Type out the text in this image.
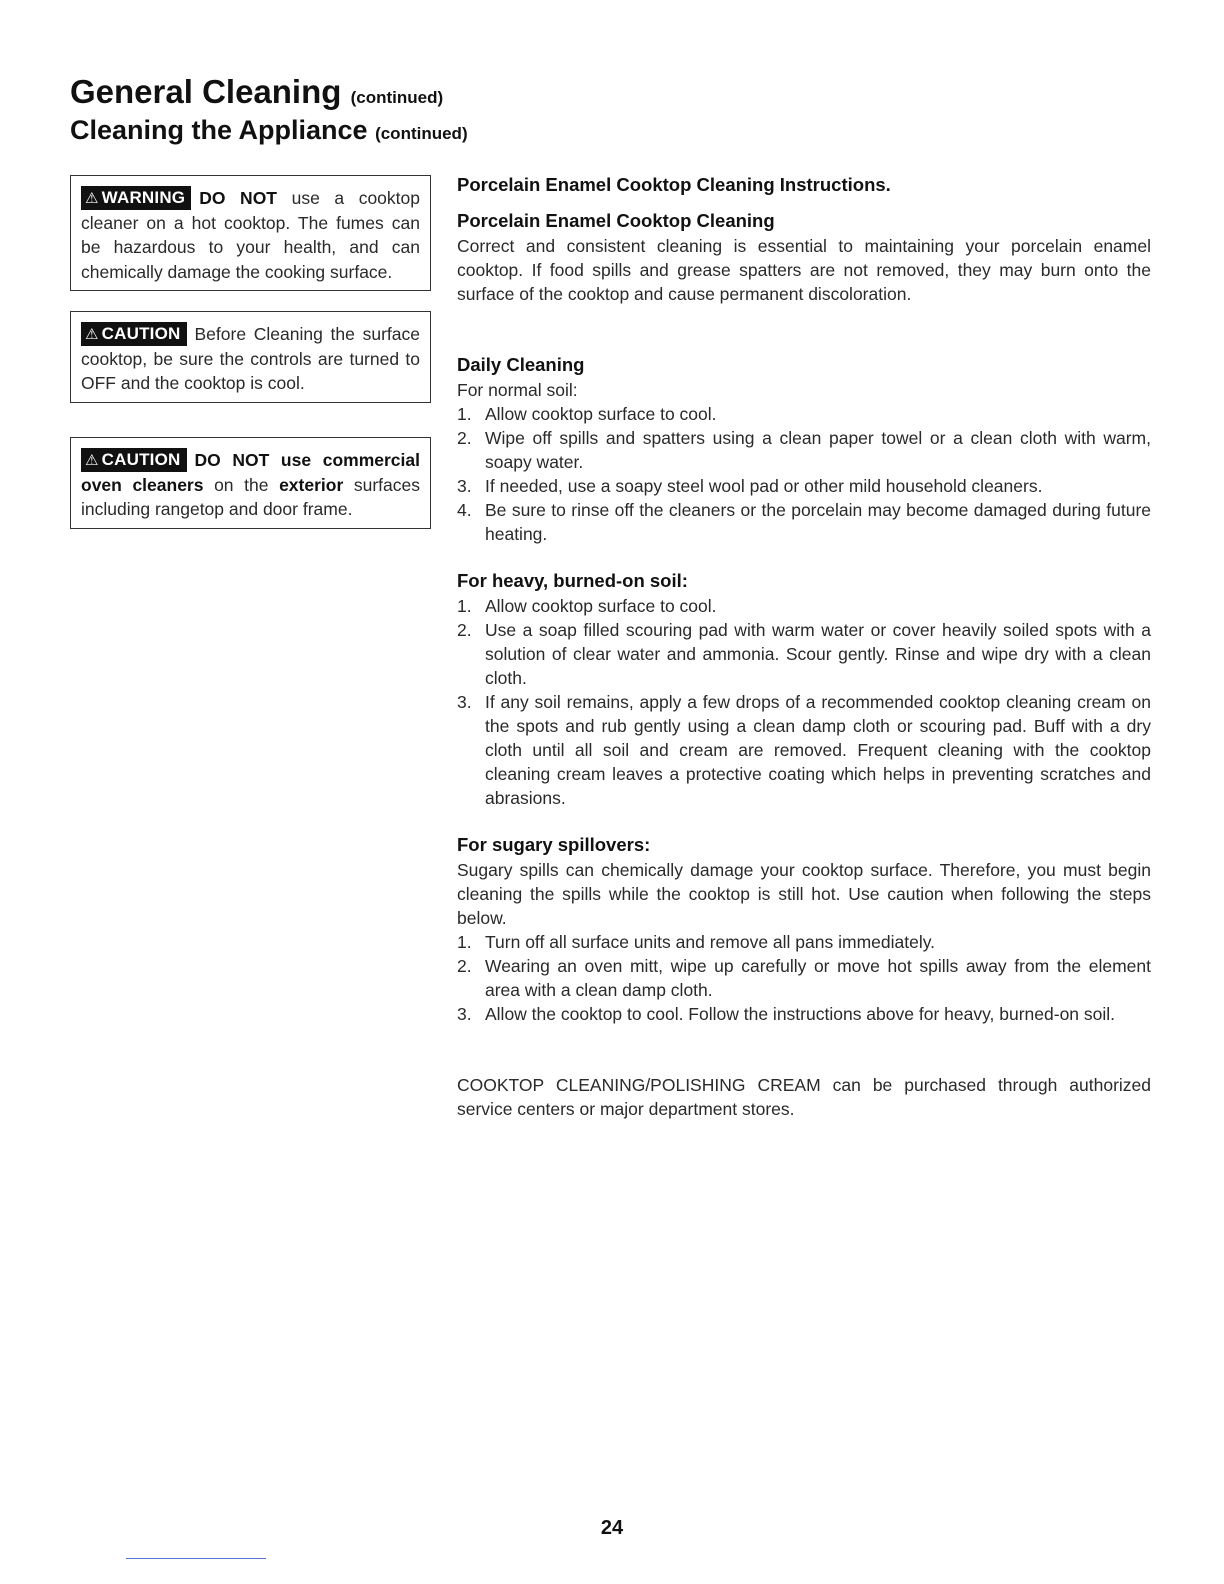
General Cleaning (continued)
Cleaning the Appliance (continued)
⚠ WARNING DO NOT use a cooktop cleaner on a hot cooktop. The fumes can be hazardous to your health, and can chemically damage the cooking surface.
⚠ CAUTION Before Cleaning the surface cooktop, be sure the controls are turned to OFF and the cooktop is cool.
⚠ CAUTION DO NOT use commercial oven cleaners on the exterior surfaces including rangetop and door frame.
Porcelain Enamel Cooktop Cleaning Instructions.
Porcelain Enamel Cooktop Cleaning

Correct and consistent cleaning is essential to maintaining your porcelain enamel cooktop. If food spills and grease spatters are not removed, they may burn onto the surface of the cooktop and cause permanent discoloration.

Daily Cleaning

For normal soil:

1. Allow cooktop surface to cool.
2. Wipe off spills and spatters using a clean paper towel or a clean cloth with warm, soapy water.
3. If needed, use a soapy steel wool pad or other mild household cleaners.
4. Be sure to rinse off the cleaners or the porcelain may become damaged during future heating.
For heavy, burned-on soil:
1. Allow cooktop surface to cool.
2. Use a soap filled scouring pad with warm water or cover heavily soiled spots with a solution of clear water and ammonia. Scour gently. Rinse and wipe dry with a clean cloth.
3. If any soil remains, apply a few drops of a recommended cooktop cleaning cream on the spots and rub gently using a clean damp cloth or scouring pad. Buff with a dry cloth until all soil and cream are removed. Frequent cleaning with the cooktop cleaning cream leaves a protective coating which helps in preventing scratches and abrasions.
For sugary spillovers:

Sugary spills can chemically damage your cooktop surface. Therefore, you must begin cleaning the spills while the cooktop is still hot. Use caution when following the steps below.

1. Turn off all surface units and remove all pans immediately.
2. Wearing an oven mitt, wipe up carefully or move hot spills away from the element area with a clean damp cloth.
3. Allow the cooktop to cool. Follow the instructions above for heavy, burned-on soil.

COOKTOP CLEANING/POLISHING CREAM can be purchased through authorized service centers or major department stores.

24
